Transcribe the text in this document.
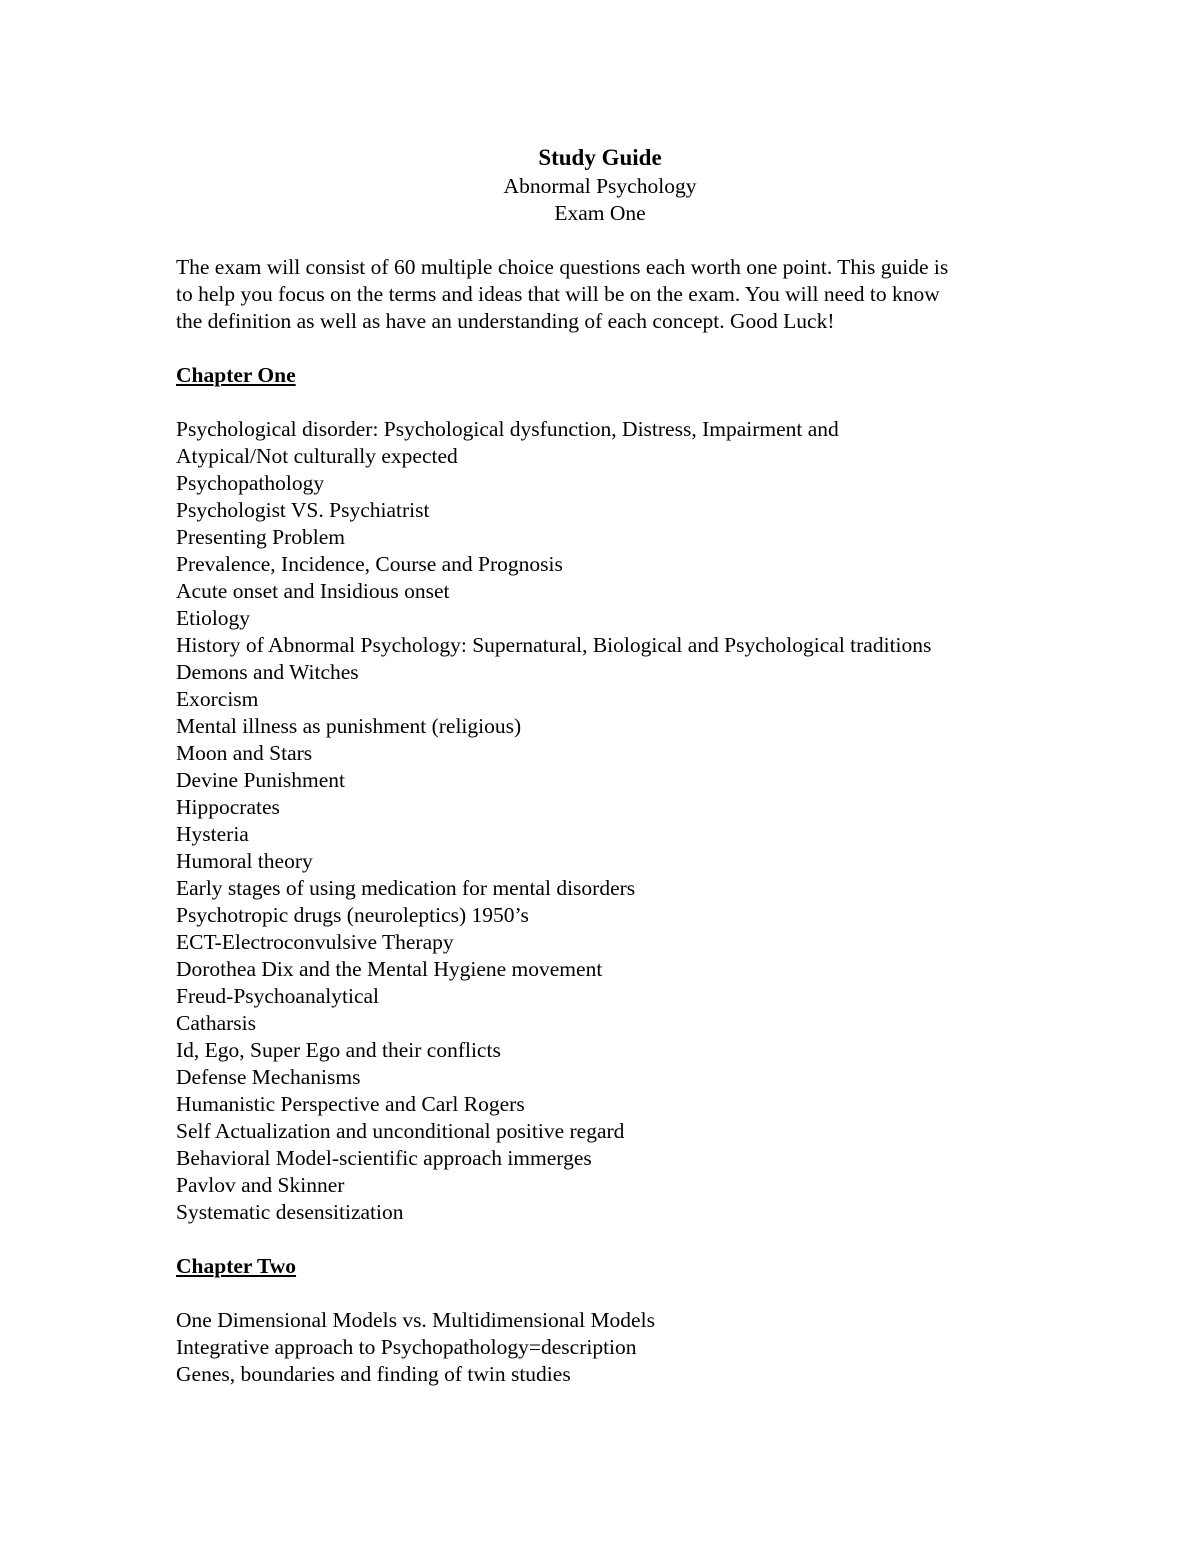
Study Guide
Abnormal Psychology
Exam One
The exam will consist of 60 multiple choice questions each worth one point. This guide is
to help you focus on the terms and ideas that will be on the exam. You will need to know
the definition as well as have an understanding of each concept. Good Luck!
Chapter One
Psychological disorder: Psychological dysfunction, Distress, Impairment and
Atypical/Not culturally expected
Psychopathology
Psychologist VS. Psychiatrist
Presenting Problem
Prevalence, Incidence, Course and Prognosis
Acute onset and Insidious onset
Etiology
History of Abnormal Psychology: Supernatural, Biological and Psychological traditions
Demons and Witches
Exorcism
Mental illness as punishment (religious)
Moon and Stars
Devine Punishment
Hippocrates
Hysteria
Humoral theory
Early stages of using medication for mental disorders
Psychotropic drugs (neuroleptics) 1950’s
ECT-Electroconvulsive Therapy
Dorothea Dix and the Mental Hygiene movement
Freud-Psychoanalytical
Catharsis
Id, Ego, Super Ego and their conflicts
Defense Mechanisms
Humanistic Perspective and Carl Rogers
Self Actualization and unconditional positive regard
Behavioral Model-scientific approach immerges
Pavlov and Skinner
Systematic desensitization
Chapter Two
One Dimensional Models vs. Multidimensional Models
Integrative approach to Psychopathology=description
Genes, boundaries and finding of twin studies
